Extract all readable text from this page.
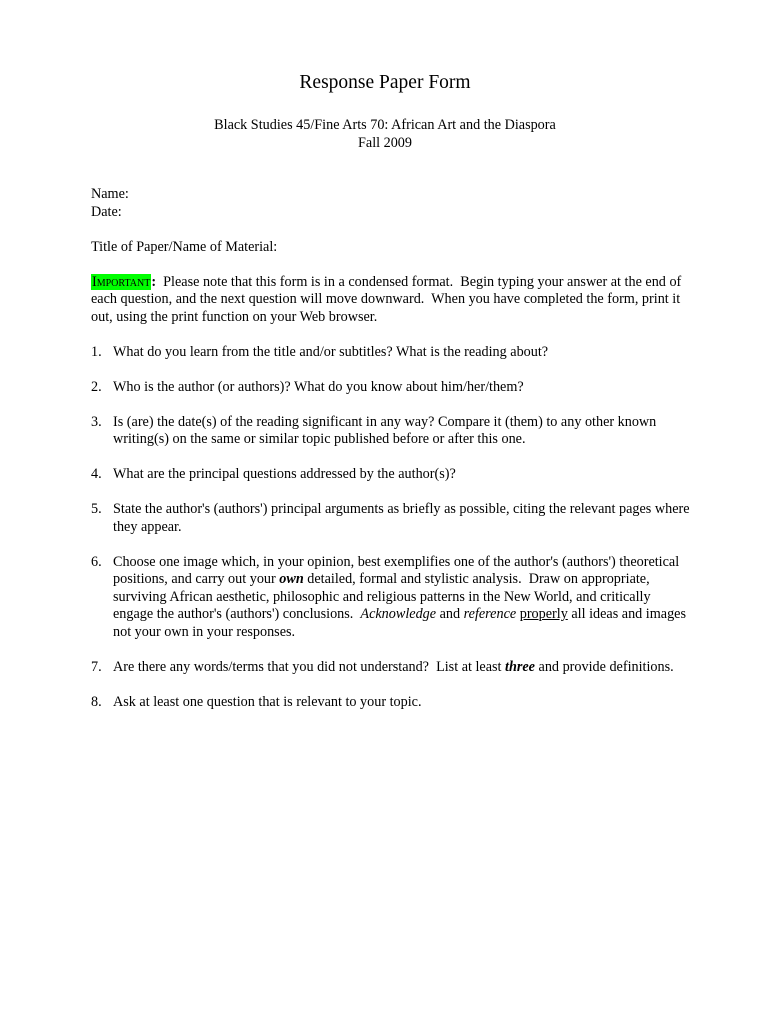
Response Paper Form
Black Studies 45/Fine Arts 70: African Art and the Diaspora
Fall 2009
Name:
Date:
Title of Paper/Name of Material:
Important:  Please note that this form is in a condensed format.  Begin typing your answer at the end of each question, and the next question will move downward.  When you have completed the form, print it out, using the print function on your Web browser.
1. What do you learn from the title and/or subtitles? What is the reading about?
2. Who is the author (or authors)? What do you know about him/her/them?
3. Is (are) the date(s) of the reading significant in any way? Compare it (them) to any other known writing(s) on the same or similar topic published before or after this one.
4. What are the principal questions addressed by the author(s)?
5. State the author's (authors') principal arguments as briefly as possible, citing the relevant pages where they appear.
6. Choose one image which, in your opinion, best exemplifies one of the author's (authors') theoretical positions, and carry out your own detailed, formal and stylistic analysis.  Draw on appropriate, surviving African aesthetic, philosophic and religious patterns in the New World, and critically engage the author's (authors') conclusions.  Acknowledge and reference properly all ideas and images not your own in your responses.
7. Are there any words/terms that you did not understand?  List at least three and provide definitions.
8. Ask at least one question that is relevant to your topic.
